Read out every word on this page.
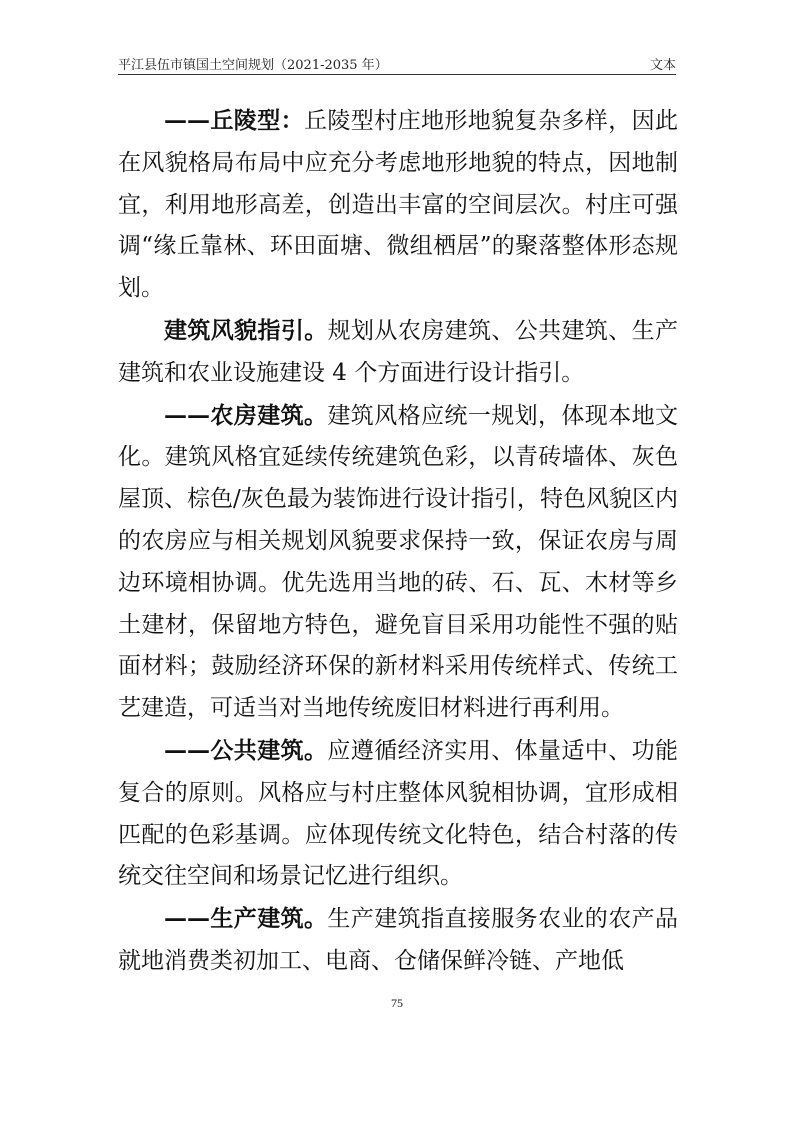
平江县伍市镇国土空间规划（2021-2035 年）	文本

——丘陵型：丘陵型村庄地形地貌复杂多样，因此在风貌格局布局中应充分考虑地形地貌的特点，因地制宜，利用地形高差，创造出丰富的空间层次。村庄可强调“缘丘靠林、环田面塘、微组栖居”的聚落整体形态规划。

建筑风貌指引。规划从农房建筑、公共建筑、生产建筑和农业设施建设 4 个方面进行设计指引。

——农房建筑。建筑风格应统一规划，体现本地文化。建筑风格宜延续传统建筑色彩，以青砖墙体、灰色屋顶、棕色/灰色最为装饰进行设计指引，特色风貌区内的农房应与相关规划风貌要求保持一致，保证农房与周边环境相协调。优先选用当地的砖、石、瓦、木材等乡土建材，保留地方特色，避免盲目采用功能性不强的贴面材料；鼓励经济环保的新材料采用传统样式、传统工艺建造，可适当对当地传统废旧材料进行再利用。

——公共建筑。应遵循经济实用、体量适中、功能复合的原则。风格应与村庄整体风貌相协调，宜形成相匹配的色彩基调。应体现传统文化特色，结合村落的传统交往空间和场景记忆进行组织。

——生产建筑。生产建筑指直接服务农业的农产品就地消费类初加工、电商、仓储保鲜冷链、产地低

75
